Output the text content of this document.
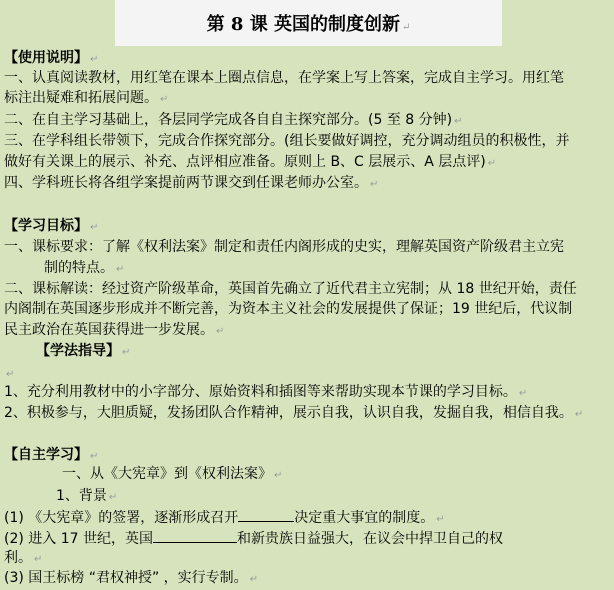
第 8 课 英国的制度创新 ↵
【使用说明】 ↵
一、认真阅读教材，用红笔在课本上圈点信息，在学案上写上答案，完成自主学习。用红笔
标注出疑难和拓展问题。 ↵
二、在自主学习基础上，各层同学完成各自自主探究部分。(5 至 8 分钟) ↵
三、在学科组长带领下，完成合作探究部分。(组长要做好调控，充分调动组员的积极性，并
做好有关课上的展示、补充、点评相应准备。原则上 B、C 层展示、A 层点评) ↵
四、学科班长将各组学案提前两节课交到任课老师办公室。 ↵
【学习目标】 ↵
一、课标要求：了解《权利法案》制定和责任内阁形成的史实，理解英国资产阶级君主立宪
制的特点。 ↵
二、课标解读：经过资产阶级革命，英国首先确立了近代君主立宪制；从 18 世纪开始，责任
内阁制在英国逐步形成并不断完善，为资本主义社会的发展提供了保证；19 世纪后，代议制
民主政治在英国获得进一步发展。 ↵
【学法指导】 ↵
↵
1、充分利用教材中的小字部分、原始资料和插图等来帮助实现本节课的学习目标。 ↵
2、积极参与，大胆质疑，发扬团队合作精神，展示自我，认识自我，发掘自我，相信自我。 ↵
【自主学习】 ↵
一、从《大宪章》到《权利法案》 ↵
1、背景 ↵
(1) 《大宪章》的签署，逐渐形成召开	决定重大事宜的制度。 ↵
(2) 进入 17 世纪，英国	和新贵族日益强大，在议会中捍卫自己的权
利。 ↵
(3) 国王标榜 “君权神授” ，实行专制。 ↵
